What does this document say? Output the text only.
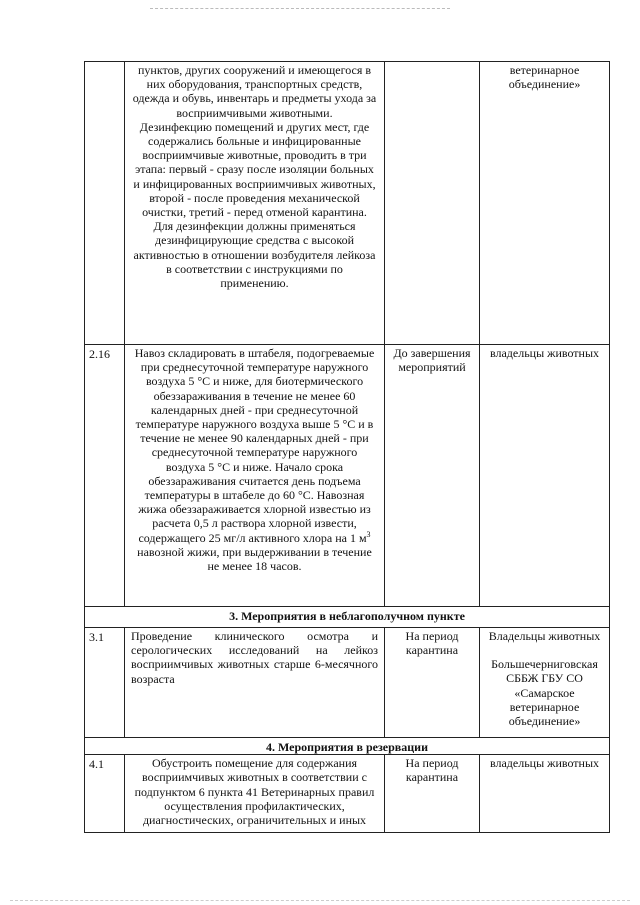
	пунктов, других сооружений и имеющегося в них оборудования, транспортных средств, одежда и обувь, инвентарь и предметы ухода за восприимчивыми животными.
Дезинфекцию помещений и других мест, где содержались больные и инфицированные восприимчивые животные, проводить в три этапа: первый - сразу после изоляции больных и инфицированных восприимчивых животных, второй - после проведения механической очистки, третий - перед отменой карантина.
Для дезинфекции должны применяться дезинфицирующие средства с высокой активностью в отношении возбудителя лейкоза в соответствии с инструкциями по применению.		ветеринарное объединение»
2.16	Навоз складировать в штабеля, подогреваемые при среднесуточной температуре наружного воздуха 5 °С и ниже, для биотермического обеззараживания в течение не менее 60 календарных дней - при среднесуточной температуре наружного воздуха выше 5 °С и в течение не менее 90 календарных дней - при среднесуточной температуре наружного воздуха 5 °С и ниже. Начало срока обеззараживания считается день подъема температуры в штабеле до 60 °С. Навозная жижа обеззараживается хлорной известью из расчета 0,5 л раствора хлорной извести, содержащего 25 мг/л активного хлора на 1 $м^3$ навозной жижи, при выдерживании в течение не менее 18 часов.	До завершения мероприятий	владельцы животных
3. Мероприятия в неблагополучном пункте			
3.1	Проведение клинического осмотра и серологических исследований на лейкоз восприимчивых животных старше 6-месячного возраста	На период карантина	Владельцы животных
Большечерниговская СББЖ ГБУ СО «Самарское ветеринарное объединение»

4. Мероприятия в резервации			
4.1	Обустроить помещение для содержания восприимчивых животных в соответствии с подпунктом 6 пункта 41 Ветеринарных правил осуществления профилактических, диагностических, ограничительных и иных	На период карантина	владельцы животных
